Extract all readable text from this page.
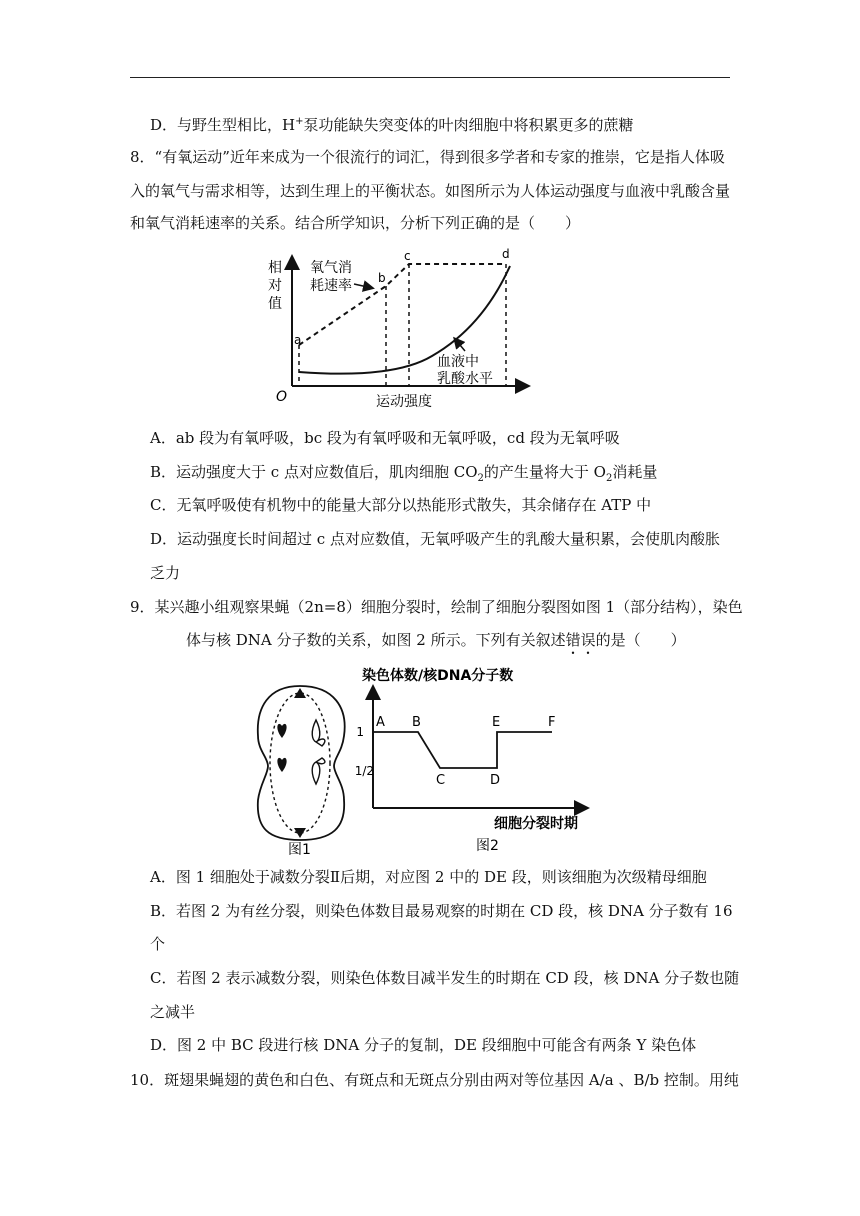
D．与野生型相比，H+泵功能缺失突变体的叶肉细胞中将积累更多的蔗糖
8．“有氧运动”近年来成为一个很流行的词汇，得到很多学者和专家的推崇，它是指人体吸
入的氧气与需求相等，达到生理上的平衡状态。如图所示为人体运动强度与血液中乳酸含量
和氧气消耗速率的关系。结合所学知识，分析下列正确的是（　　）
相
对
值
O	运动强度
a
b
c	d
氧气消
耗速率
血液中
乳酸水平
A．ab 段为有氧呼吸，bc 段为有氧呼吸和无氧呼吸，cd 段为无氧呼吸
B．运动强度大于 c 点对应数值后，肌肉细胞 $CO_2$的产生量将大于 $O_2$消耗量
C．无氧呼吸使有机物中的能量大部分以热能形式散失，其余储存在 ATP 中
D．运动强度长时间超过 c 点对应数值，无氧呼吸产生的乳酸大量积累，会使肌肉酸胀
乏力
9．某兴趣小组观察果蝇（2n=8）细胞分裂时，绘制了细胞分裂图如图 1（部分结构），染色
体与核 DNA 分子数的关系，如图 2 所示。下列有关叙述错误的是（　　）
图1
染色体数/核DNA分子数
细胞分裂时期
1
1/2
A B
C	D
E	F
图2
A．图 1 细胞处于减数分裂Ⅱ后期，对应图 2 中的 DE 段，则该细胞为次级精母细胞
B．若图 2 为有丝分裂，则染色体数目最易观察的时期在 CD 段，核 DNA 分子数有 16
个
C．若图 2 表示减数分裂，则染色体数目减半发生的时期在 CD 段，核 DNA 分子数也随
之减半
D．图 2 中 BC 段进行核 DNA 分子的复制，DE 段细胞中可能含有两条 Y 染色体
10．斑翅果蝇翅的黄色和白色、有斑点和无斑点分别由两对等位基因 A/a 、B/b 控制。用纯
